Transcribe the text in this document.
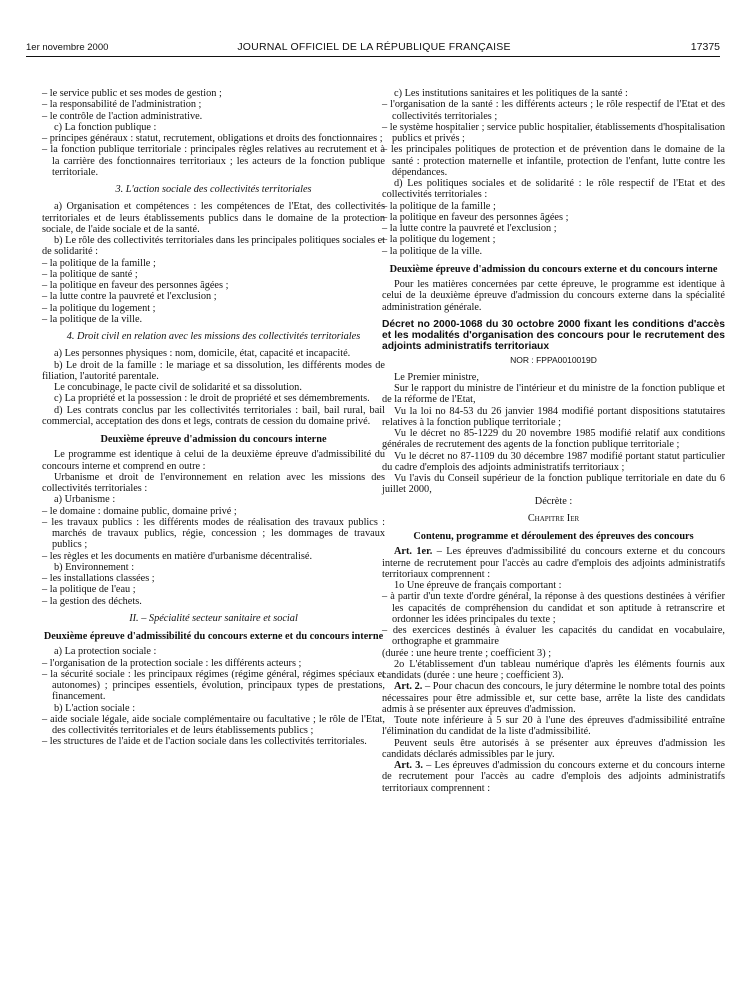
1er novembre 2000	JOURNAL OFFICIEL DE LA RÉPUBLIQUE FRANÇAISE	17375

– le service public et ses modes de gestion ;

– la responsabilité de l'administration ;

– le contrôle de l'action administrative.

c) La fonction publique :

– principes généraux : statut, recrutement, obligations et droits des fonctionnaires ;

– la fonction publique territoriale : principales règles relatives au recrutement et à la carrière des fonctionnaires territoriaux ; les acteurs de la fonction publique territoriale.

3. L'action sociale des collectivités territoriales

a) Organisation et compétences : les compétences de l'Etat, des collectivités territoriales et de leurs établissements publics dans le domaine de la protection sociale, de l'aide sociale et de la santé.

b) Le rôle des collectivités territoriales dans les principales politiques sociales et de solidarité :

– la politique de la famille ;

– la politique de santé ;

– la politique en faveur des personnes âgées ;

– la lutte contre la pauvreté et l'exclusion ;

– la politique du logement ;

– la politique de la ville.

4. Droit civil en relation avec les missions des collectivités territoriales

a) Les personnes physiques : nom, domicile, état, capacité et incapacité.

b) Le droit de la famille : le mariage et sa dissolution, les différents modes de filiation, l'autorité parentale.

Le concubinage, le pacte civil de solidarité et sa dissolution.

c) La propriété et la possession : le droit de propriété et ses démembrements.

d) Les contrats conclus par les collectivités territoriales : bail, bail rural, bail commercial, acceptation des dons et legs, contrats de cession du domaine privé.

Deuxième épreuve d'admission du concours interne

Le programme est identique à celui de la deuxième épreuve d'admissibilité du concours interne et comprend en outre :

Urbanisme et droit de l'environnement en relation avec les missions des collectivités territoriales :

a) Urbanisme :

– le domaine : domaine public, domaine privé ;

– les travaux publics : les différents modes de réalisation des travaux publics : marchés de travaux publics, régie, concession ; les dommages de travaux publics ;

– les règles et les documents en matière d'urbanisme décentralisé.

b) Environnement :

– les installations classées ;

– la politique de l'eau ;

– la gestion des déchets.

II. – Spécialité secteur sanitaire et social

Deuxième épreuve d'admissibilité du concours externe et du concours interne

a) La protection sociale :

– l'organisation de la protection sociale : les différents acteurs ;

– la sécurité sociale : les principaux régimes (régime général, régimes spéciaux et autonomes) ; principes essentiels, évolution, principaux types de prestations, financement.

b) L'action sociale :

– aide sociale légale, aide sociale complémentaire ou facultative ; le rôle de l'Etat, des collectivités territoriales et de leurs établissements publics ;

– les structures de l'aide et de l'action sociale dans les collectivités territoriales.

c) Les institutions sanitaires et les politiques de la santé :

– l'organisation de la santé : les différents acteurs ; le rôle respectif de l'Etat et des collectivités territoriales ;

– le système hospitalier ; service public hospitalier, établissements d'hospitalisation publics et privés ;

– les principales politiques de protection et de prévention dans le domaine de la santé : protection maternelle et infantile, protection de l'enfant, lutte contre les dépendances.

d) Les politiques sociales et de solidarité : le rôle respectif de l'Etat et des collectivités territoriales :

– la politique de la famille ;

– la politique en faveur des personnes âgées ;

– la lutte contre la pauvreté et l'exclusion ;

– la politique du logement ;

– la politique de la ville.

Deuxième épreuve d'admission du concours externe et du concours interne

Pour les matières concernées par cette épreuve, le programme est identique à celui de la deuxième épreuve d'admission du concours externe dans la spécialité administration générale.

Décret no 2000-1068 du 30 octobre 2000 fixant les conditions d'accès et les modalités d'organisation des concours pour le recrutement des adjoints administratifs territoriaux

NOR : FPPA0010019D

Le Premier ministre,

Sur le rapport du ministre de l'intérieur et du ministre de la fonction publique et de la réforme de l'Etat,

Vu la loi no 84-53 du 26 janvier 1984 modifié portant dispositions statutaires relatives à la fonction publique territoriale ;

Vu le décret no 85-1229 du 20 novembre 1985 modifié relatif aux conditions générales de recrutement des agents de la fonction publique territoriale ;

Vu le décret no 87-1109 du 30 décembre 1987 modifié portant statut particulier du cadre d'emplois des adjoints administratifs territoriaux ;

Vu l'avis du Conseil supérieur de la fonction publique territoriale en date du 6 juillet 2000,

Décrète :

Chapitre Ier

Contenu, programme et déroulement des épreuves des concours

Art. 1er. – Les épreuves d'admissibilité du concours externe et du concours interne de recrutement pour l'accès au cadre d'emplois des adjoints administratifs territoriaux comprennent :

1o Une épreuve de français comportant :

– à partir d'un texte d'ordre général, la réponse à des questions destinées à vérifier les capacités de compréhension du candidat et son aptitude à retranscrire et ordonner les idées principales du texte ;

– des exercices destinés à évaluer les capacités du candidat en vocabulaire, orthographe et grammaire

(durée : une heure trente ; coefficient 3) ;

2o L'établissement d'un tableau numérique d'après les éléments fournis aux candidats (durée : une heure ; coefficient 3).

Art. 2. – Pour chacun des concours, le jury détermine le nombre total des points nécessaires pour être admissible et, sur cette base, arrête la liste des candidats admis à se présenter aux épreuves d'admission.

Toute note inférieure à 5 sur 20 à l'une des épreuves d'admissibilité entraîne l'élimination du candidat de la liste d'admissibilité.

Peuvent seuls être autorisés à se présenter aux épreuves d'admission les candidats déclarés admissibles par le jury.

Art. 3. – Les épreuves d'admission du concours externe et du concours interne de recrutement pour l'accès au cadre d'emplois des adjoints administratifs territoriaux comprennent :
